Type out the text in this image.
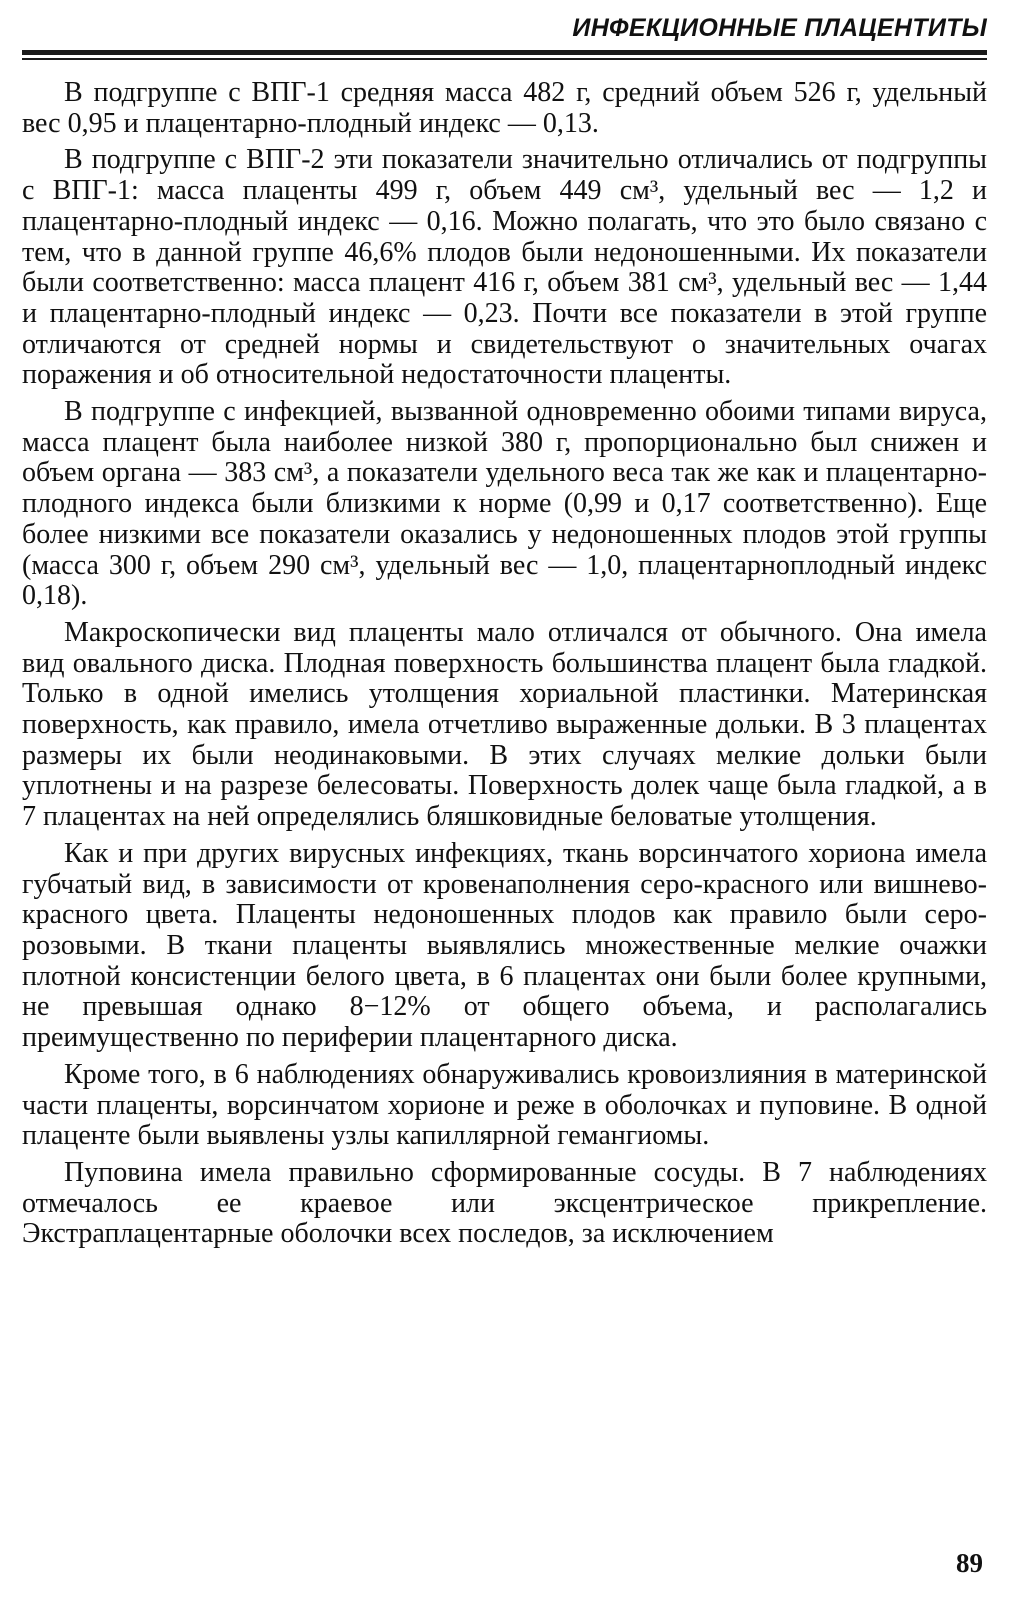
ИНФЕКЦИОННЫЕ ПЛАЦЕНТИТЫ

В подгруппе с ВПГ-1 средняя масса 482 г, средний объем 526 г, удельный вес 0,95 и плацентарно-плодный индекс — 0,13.

В подгруппе с ВПГ-2 эти показатели значительно отличались от подгруппы с ВПГ-1: масса плаценты 499 г, объем 449 см³, удельный вес — 1,2 и плацентарно-плодный индекс — 0,16. Можно полагать, что это было связано с тем, что в данной группе 46,6% плодов были недоношенными. Их показатели были соответственно: масса плацент 416 г, объем 381 см³, удельный вес — 1,44 и плацентарно-плодный индекс — 0,23. Почти все показатели в этой группе отличаются от средней нормы и свидетельствуют о значительных очагах поражения и об относительной недостаточности плаценты.

В подгруппе с инфекцией, вызванной одновременно обоими типами вируса, масса плацент была наиболее низкой 380 г, пропорционально был снижен и объем органа — 383 см³, а показатели удельного веса так же как и плацентарно-плодного индекса были близкими к норме (0,99 и 0,17 соответственно). Еще более низкими все показатели оказались у недоношенных плодов этой группы (масса 300 г, объем 290 см³, удельный вес — 1,0, плацентарноплодный индекс 0,18).

Макроскопически вид плаценты мало отличался от обычного. Она имела вид овального диска. Плодная поверхность большинства плацент была гладкой. Только в одной имелись утолщения хориальной пластинки. Материнская поверхность, как правило, имела отчетливо выраженные дольки. В 3 плацентах размеры их были неодинаковыми. В этих случаях мелкие дольки были уплотнены и на разрезе белесоваты. Поверхность долек чаще была гладкой, а в 7 плацентах на ней определялись бляшковидные беловатые утолщения.

Как и при других вирусных инфекциях, ткань ворсинчатого хориона имела губчатый вид, в зависимости от кровенаполнения серо-красного или вишнево-красного цвета. Плаценты недоношенных плодов как правило были серо-розовыми. В ткани плаценты выявлялись множественные мелкие очажки плотной консистенции белого цвета, в 6 плацентах они были более крупными, не превышая однако 8−12% от общего объема, и располагались преимущественно по периферии плацентарного диска.

Кроме того, в 6 наблюдениях обнаруживались кровоизлияния в материнской части плаценты, ворсинчатом хорионе и реже в оболочках и пуповине. В одной плаценте были выявлены узлы капиллярной гемангиомы.

Пуповина имела правильно сформированные сосуды. В 7 наблюдениях отмечалось ее краевое или эксцентрическое прикрепление. Экстраплацентарные оболочки всех последов, за исключением

89
